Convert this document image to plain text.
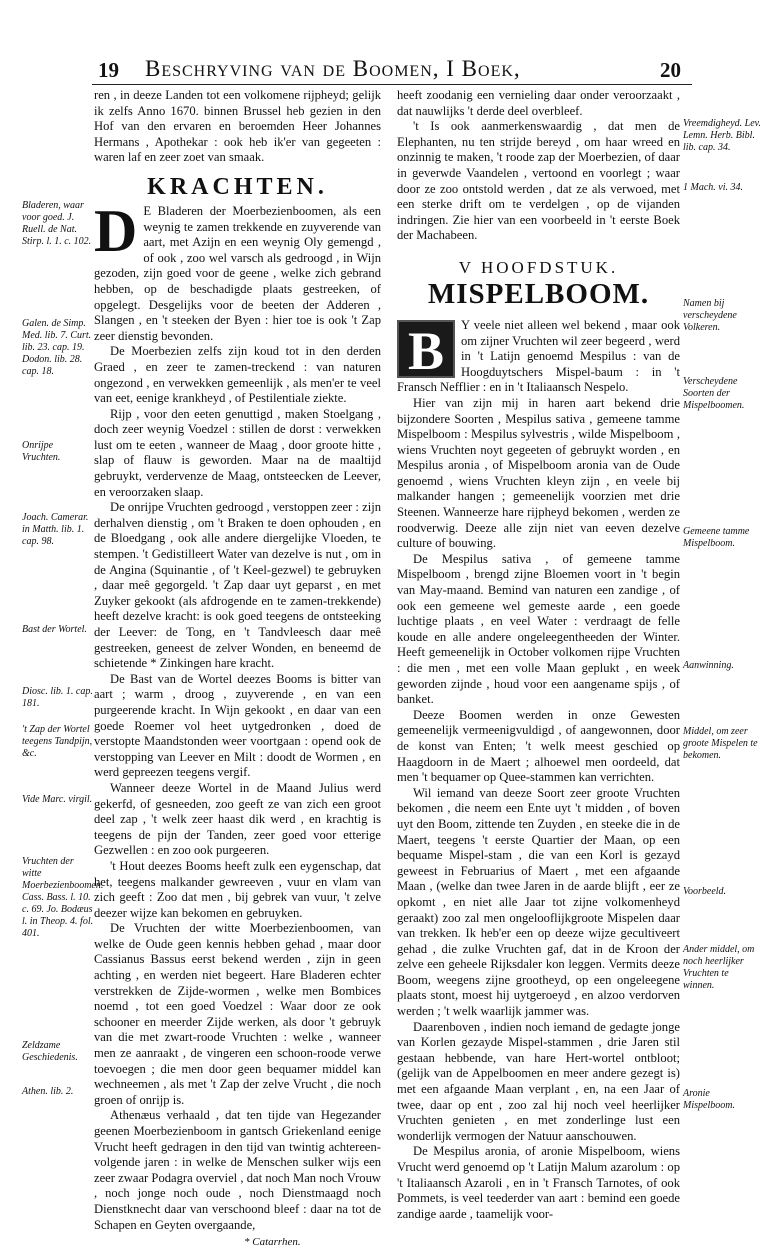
19 Beschryving van de Boomen, I Boek,	20

ren , in deeze Landen tot een volkomene rijpheyd; gelijk ik zelfs Anno 1670. binnen Brussel heb gezien in den Hof van den ervaren en beroemden Heer Johannes Hermans , Apothekar : ook heb ik'er van gegeeten : waren laf en zeer zoet van smaak.

KRACHTEN.

D E Bladeren der Moerbezienboomen, als een weynig te zamen trekkende en zuyverende van aart, met Azijn en een weynig Oly gemengd , of ook , zoo wel varsch als gedroogd , in Wijn gezoden, zijn goed voor de geene , welke zich gebrand hebben, op de beschadigde plaats gestreeken, of opgelegt. Desgelijks voor de beeten der Adderen , Slangen , en 't steeken der Byen : hier toe is ook 't Zap zeer dienstig bevonden.

De Moerbezien zelfs zijn koud tot in den derden Graed , en zeer te zamen-treckend : van naturen ongezond , en verwekken gemeenlijk , als men'er te veel van eet, eenige krankheyd , of Pestilentiale ziekte.

Rijp , voor den eeten genuttigd , maken Stoelgang , doch zeer weynig Voedzel : stillen de dorst : verwekken lust om te eeten , wanneer de Maag , door groote hitte , slap of flauw is geworden. Maar na de maaltijd gebruykt, verdervenze de Maag, ontsteecken de Leever, en veroorzaken slaap.

De onrijpe Vruchten gedroogd , verstoppen zeer : zijn derhalven dienstig , om 't Braken te doen ophouden , en de Bloedgang , ook alle andere diergelijke Vloeden, te stempen. 't Gedistilleert Water van dezelve is nut , om in de Angina (Squinantie , of 't Keel-gezwel) te gebruyken , daar meê gegorgeld. 't Zap daar uyt geparst , en met Zuyker gekookt (als afdrogende en te zamen-trekkende) heeft dezelve kracht: is ook goed teegens de ontsteeking der Leever: de Tong, en 't Tandvleesch daar meê gestreeken, geneest de zelver Wonden, en beneemd de schietende * Zinkingen hare kracht.

De Bast van de Wortel deezes Booms is bitter van aart ; warm , droog , zuyverende , en van een purgeerende kracht. In Wijn gekookt , en daar van een goede Roemer vol heet uytgedronken , doed de verstopte Maandstonden weer voortgaan : opend ook de verstopping van Leever en Milt : doodt de Wormen , en werd gepreezen teegens vergif.

Wanneer deeze Wortel in de Maand Julius werd gekerfd, of gesneeden, zoo geeft ze van zich een groot deel zap , 't welk zeer haast dik werd , en krachtig is teegens de pijn der Tanden, zeer goed voor etterige Gezwellen : en zoo ook purgeeren.

't Hout deezes Booms heeft zulk een eygenschap, dat het, teegens malkander gewreeven , vuur en vlam van zich geeft : Zoo dat men , bij gebrek van vuur, 't zelve deezer wijze kan bekomen en gebruyken.

De Vruchten der witte Moerbezienboomen, van welke de Oude geen kennis hebben gehad , maar door Cassianus Bassus eerst bekend werden , zijn in geen achting , en werden niet begeert. Hare Bladeren echter verstrekken de Zijde-wormen , welke men Bombices noemd , tot een goed Voedzel : Waar door ze ook schooner en meerder Zijde werken, als door 't gebruyk van die met zwart-roode Vruchten : welke , wanneer men ze aanraakt , de vingeren een schoon-roode verwe toevoegen ; die men door geen bequamer middel kan wechneemen , als met 't Zap der zelve Vrucht , die noch groen of onrijp is.

Athenæus verhaald , dat ten tijde van Hegezander geenen Moerbezienboom in gantsch Griekenland eenige Vrucht heeft gedragen in den tijd van twintig achtereen-volgende jaren : in welke de Menschen sulker wijs een zeer zwaar Podagra overviel , dat noch Man noch Vrouw , noch jonge noch oude , noch Dienstmaagd noch Dienstknecht daar van verschoond bleef : daar na tot de Schapen en Geyten overgaande,

* Catarrhen.
Bladeren, waar voor goed. J. Ruell. de Nat. Stirp. l. 1. c. 102.
Galen. de Simp. Med. lib. 7. Curt. lib. 23. cap. 19. Dodon. lib. 28. cap. 18.
Onrijpe Vruchten.
Joach. Camerar. in Matth. lib. 1. cap. 98.
Bast der Wortel.
Diosc. lib. 1. cap. 181.
't Zap der Wortel teegens Tandpijn, &c.
Vide Marc. virgil.
Vruchten der witte Moerbezienboomen. Cass. Bass. l. 10. c. 69. Jo. Bodæus l. in Theop. 4. fol. 401.
Zeldzame Geschiedenis.
Athen. lib. 2.

heeft zoodanig een vernieling daar onder veroorzaakt , dat nauwlijks 't derde deel overbleef.

't Is ook aanmerkenswaardig , dat men de Elephanten, nu ten strijde bereyd , om haar wreed en onzinnig te maken, 't roode zap der Moerbezien, of daar in geverwde Vaandelen , vertoond en voorlegt ; waar door ze zoo ontstold werden , dat ze als verwoed, met een sterke drift om te verdelgen , op de vijanden indringen. Zie hier van een voorbeeld in 't eerste Boek der Machabeen.

V HOOFDSTUK.
MISPELBOOM.

B	Y veele niet alleen wel bekend , maar ook om zijner Vruchten wil zeer begeerd , werd in 't Latijn genoemd Mespilus : van de Hoogduytschers Mispel-baum : in 't Fransch Nefflier : en in 't Italiaansch Nespelo.

Hier van zijn mij in haren aart bekend drie bijzondere Soorten , Mespilus sativa , gemeene tamme Mispelboom : Mespilus sylvestris , wilde Mispelboom , wiens Vruchten noyt gegeeten of gebruykt worden , en Mespilus aronia , of Mispelboom aronia van de Oude genoemd , wiens Vruchten kleyn zijn , en veele bij malkander hangen ; gemeenelijk voorzien met drie Steenen. Wanneerze hare rijpheyd bekomen , werden ze roodverwig. Deeze alle zijn niet van eeven dezelve culture of bouwing.

De Mespilus sativa , of gemeene tamme Mispelboom , brengd zijne Bloemen voort in 't begin van May-maand. Bemind van naturen een zandige , of ook een gemeene wel gemeste aarde , een goede luchtige plaats , en veel Water : verdraagt de felle koude en alle andere ongeleegentheeden der Winter. Heeft gemeenelijk in October volkomen rijpe Vruchten : die men , met een volle Maan geplukt , en week geworden zijnde , houd voor een aangename spijs , of banket.

Deeze Boomen werden in onze Gewesten gemeenelijk vermeenigvuldigd , of aangewonnen, door de konst van Enten; 't welk meest geschied op Haagdoorn in de Maert ; alhoewel men oordeeld, dat men 't bequamer op Quee-stammen kan verrichten.

Wil iemand van deeze Soort zeer groote Vruchten bekomen , die neem een Ente uyt 't midden , of boven uyt den Boom, zittende ten Zuyden , en steeke die in de Maert, teegens 't eerste Quartier der Maan, op een bequame Mispel-stam , die van een Korl is gezayd geweest in Februarius of Maert , met een afgaande Maan , (welke dan twee Jaren in de aarde blijft , eer ze opkomt , en niet alle Jaar tot zijne volkomenheyd geraakt) zoo zal men ongelooflijkgroote Mispelen daar van trekken. Ik heb'er een op deeze wijze gecultiveert gehad , die zulke Vruchten gaf, dat in de Kroon der zelve een geheele Rijksdaler kon leggen. Vermits deeze Boom, weegens zijne grootheyd, op een ongeleegene plaats stont, moest hij uytgeroeyd , en alzoo verdorven werden ; 't welk waarlijk jammer was.

Daarenboven , indien noch iemand de gedagte jonge van Korlen gezayde Mispel-stammen , drie Jaren stil gestaan hebbende, van hare Hert-wortel ontbloot; (gelijk van de Appelboomen en meer andere gezegt is) met een afgaande Maan verplant , en, na een Jaar of twee, daar op ent , zoo zal hij noch veel heerlijker Vruchten genieten , en met zonderlinge lust een wonderlijk vermogen der Natuur aanschouwen.

De Mespilus aronia, of aronie Mispelboom, wiens Vrucht werd genoemd op 't Latijn Malum azarolum : op 't Italiaansch Azaroli , en in 't Fransch Tarnotes, of ook Pommets, is veel teederder van aart : bemind een goede zandige aarde , taamelijk voor-

Vreemdigheyd. Lev. Lemn. Herb. Bibl. lib. cap. 34.
1 Mach. vi. 34.
Namen bij verscheydene Volkeren.
Verscheydene Soorten der Mispelboomen.
Gemeene tamme Mispelboom.
Aanwinning.
Middel, om zeer groote Mispelen te bekomen.
Voorbeeld.
Ander middel, om noch heerlijker Vruchten te winnen.
Aronie Mispelboom.
